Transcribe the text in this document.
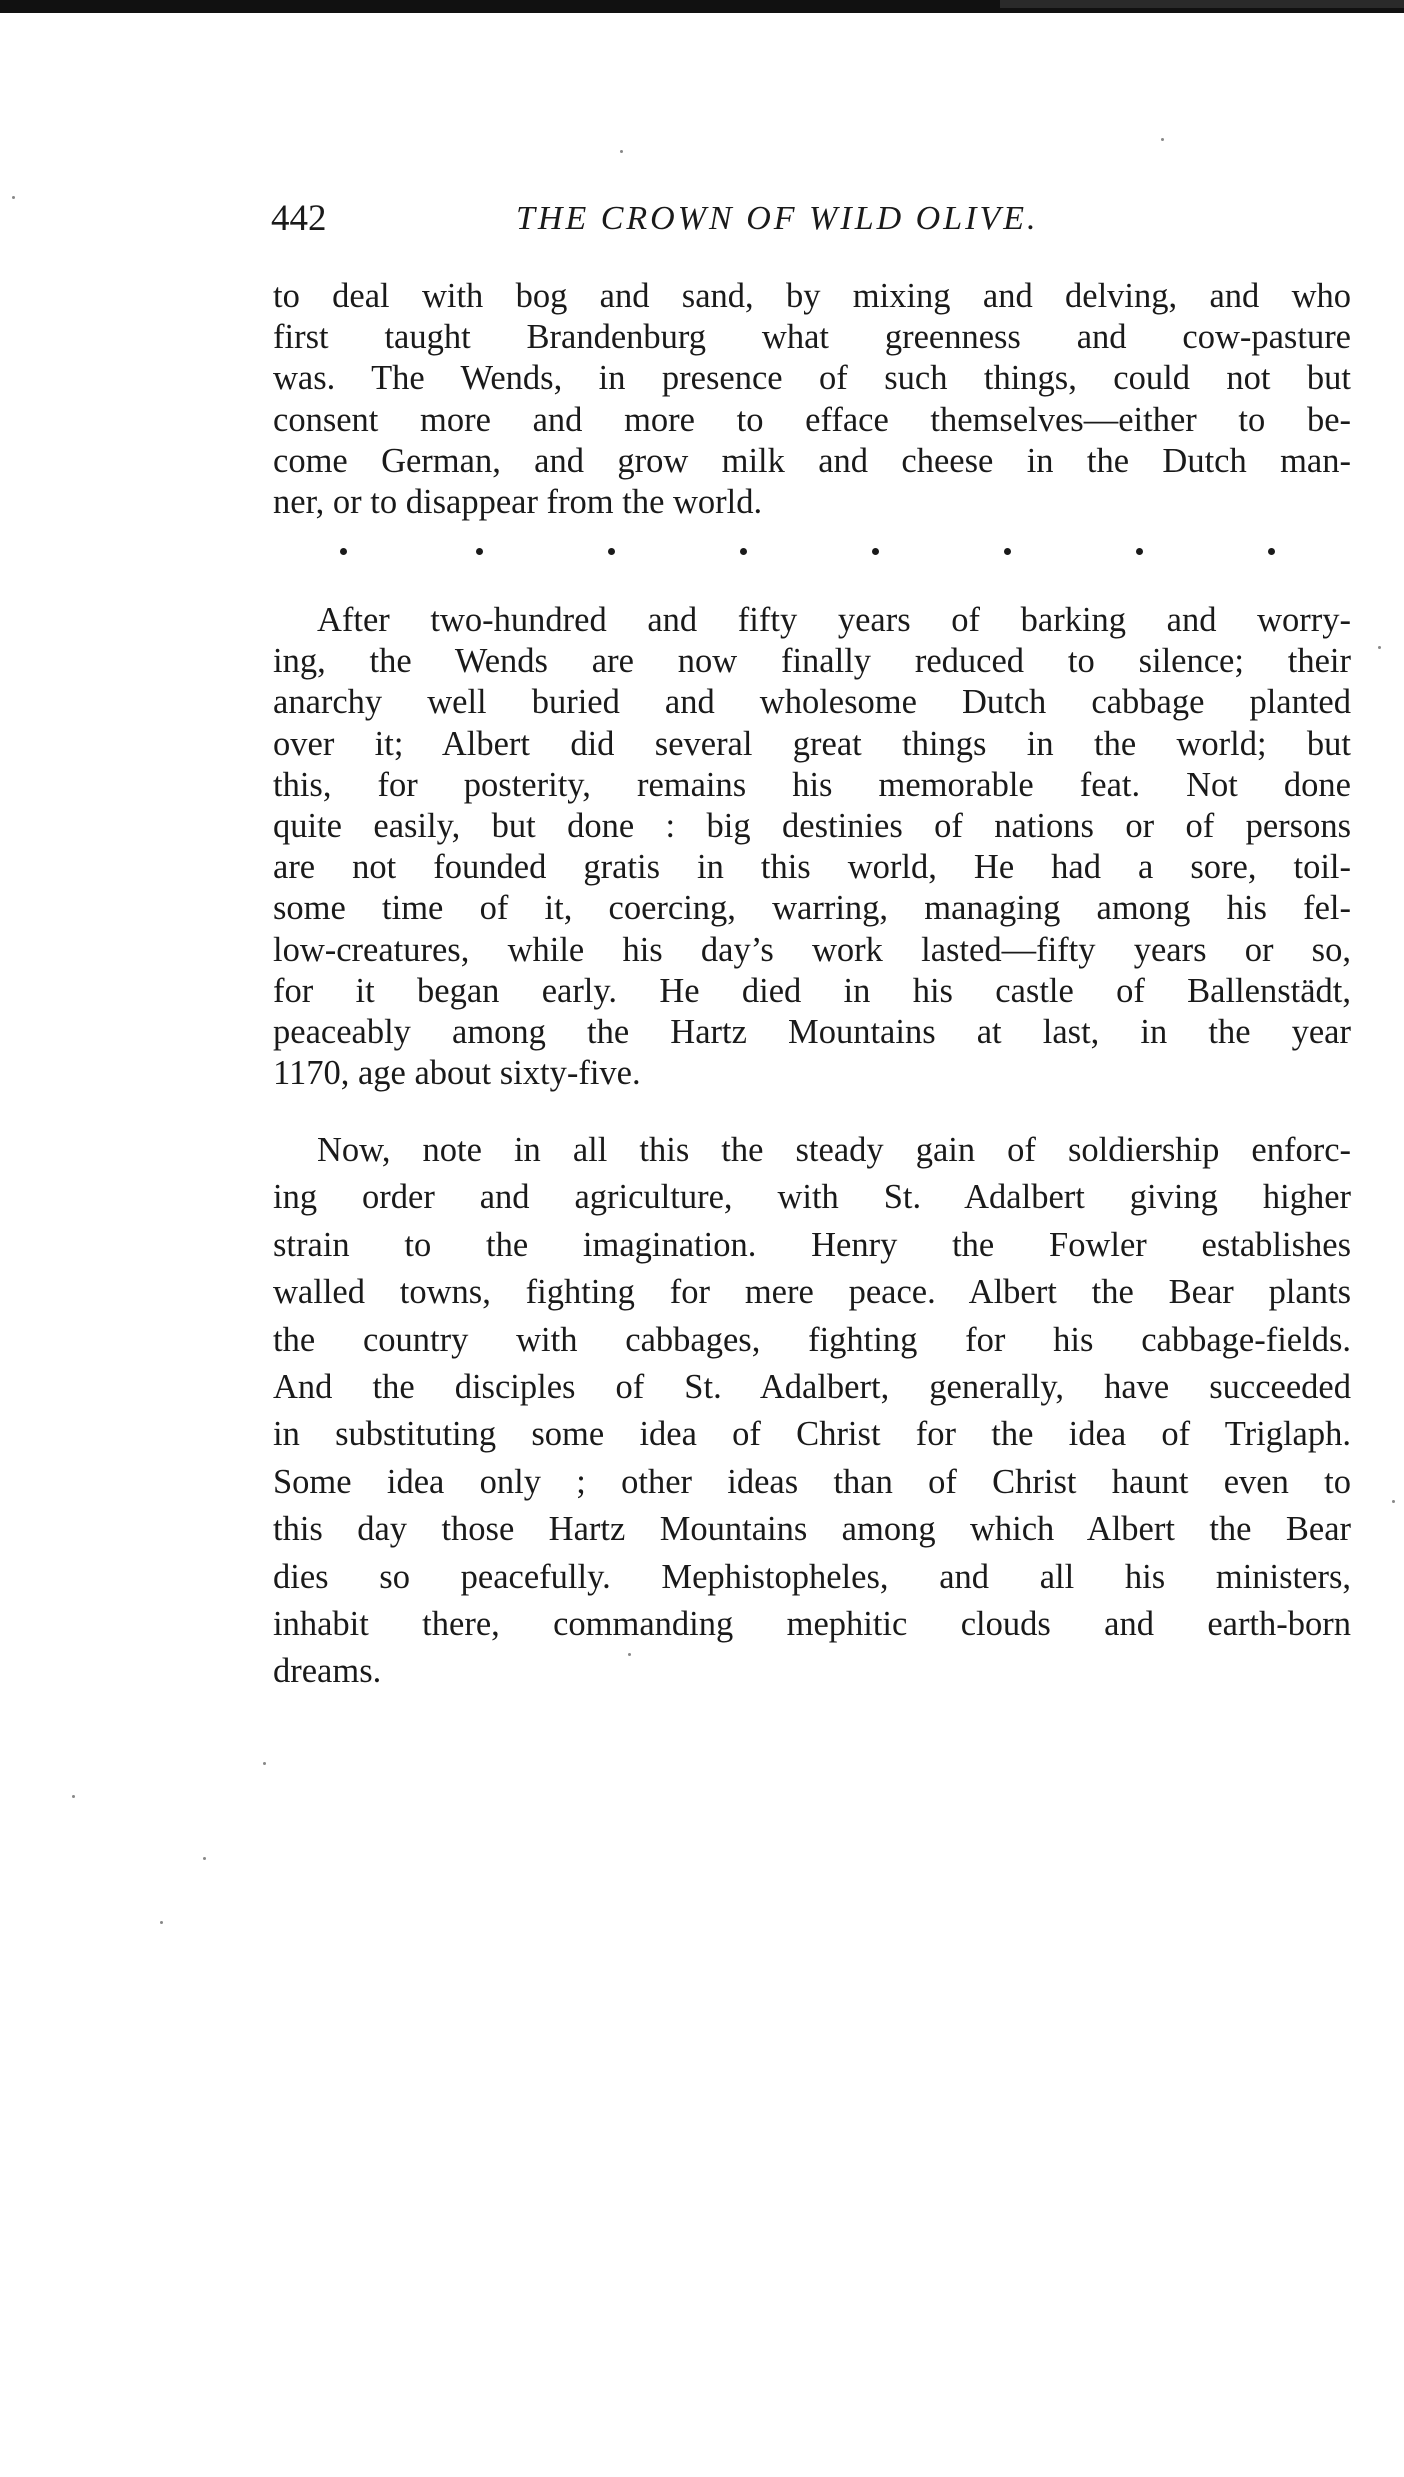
442	THE CROWN OF WILD OLIVE.
to deal with bog and sand, by mixing and delving, and who
first taught Brandenburg what greenness and cow-pasture
was. The Wends, in presence of such things, could not but
consent more and more to efface themselves—either to be-
come German, and grow milk and cheese in the Dutch man-
ner, or to disappear from the world.
After two-hundred and fifty years of barking and worry-
ing, the Wends are now finally reduced to silence; their
anarchy well buried and wholesome Dutch cabbage planted
over it; Albert did several great things in the world; but
this, for posterity, remains his memorable feat. Not done
quite easily, but done : big destinies of nations or of persons
are not founded gratis in this world, He had a sore, toil-
some time of it, coercing, warring, managing among his fel-
low-creatures, while his day’s work lasted—fifty years or so,
for it began early. He died in his castle of Ballenstädt,
peaceably among the Hartz Mountains at last, in the year
1170, age about sixty-five.
Now, note in all this the steady gain of soldiership enforc-
ing order and agriculture, with St. Adalbert giving higher
strain to the imagination. Henry the Fowler establishes
walled towns, fighting for mere peace. Albert the Bear plants
the country with cabbages, fighting for his cabbage-fields.
And the disciples of St. Adalbert, generally, have succeeded
in substituting some idea of Christ for the idea of Triglaph.
Some idea only ; other ideas than of Christ haunt even to
this day those Hartz Mountains among which Albert the Bear
dies so peacefully. Mephistopheles, and all his ministers,
inhabit there, commanding mephitic clouds and earth-born
dreams.
